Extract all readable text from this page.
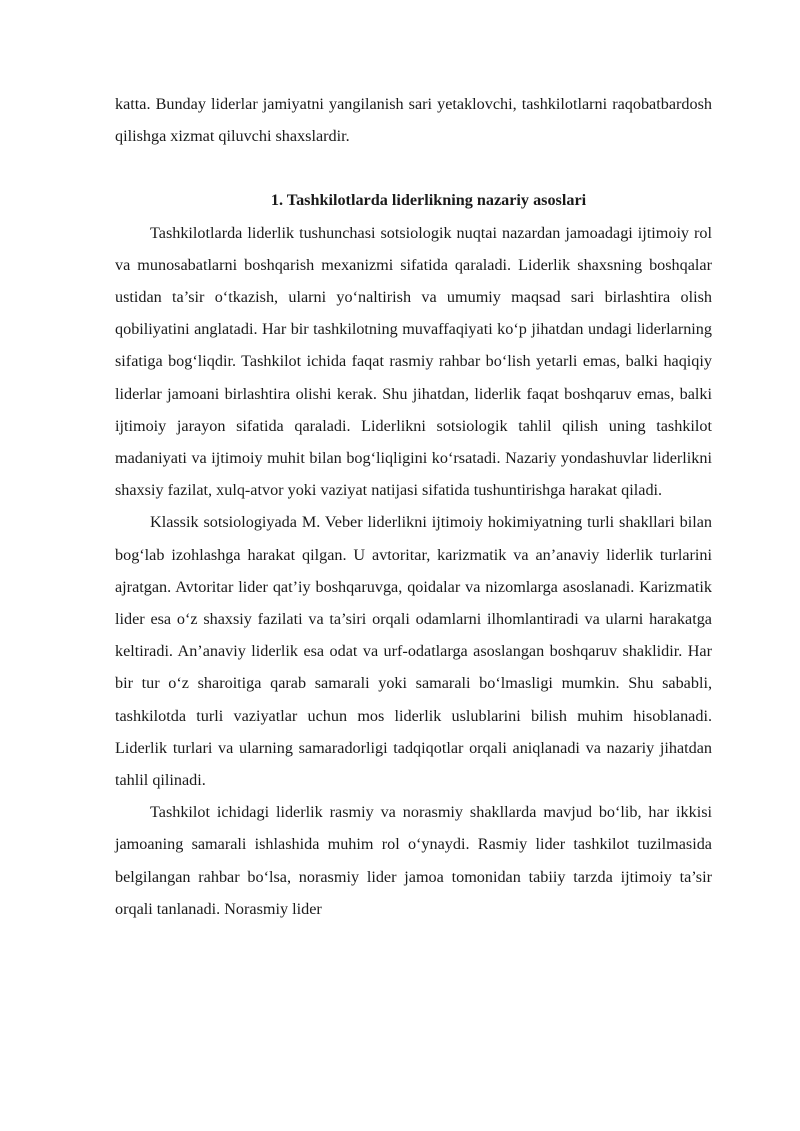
katta. Bunday liderlar jamiyatni yangilanish sari yetaklovchi, tashkilotlarni raqobatbardosh qilishga xizmat qiluvchi shaxslardir.

1. Tashkilotlarda liderlikning nazariy asoslari

Tashkilotlarda liderlik tushunchasi sotsiologik nuqtai nazardan jamoadagi ijtimoiy rol va munosabatlarni boshqarish mexanizmi sifatida qaraladi. Liderlik shaxsning boshqalar ustidan ta’sir o‘tkazish, ularni yo‘naltirish va umumiy maqsad sari birlashtira olish qobiliyatini anglatadi. Har bir tashkilotning muvaffaqiyati ko‘p jihatdan undagi liderlarning sifatiga bog‘liqdir. Tashkilot ichida faqat rasmiy rahbar bo‘lish yetarli emas, balki haqiqiy liderlar jamoani birlashtira olishi kerak. Shu jihatdan, liderlik faqat boshqaruv emas, balki ijtimoiy jarayon sifatida qaraladi. Liderlikni sotsiologik tahlil qilish uning tashkilot madaniyati va ijtimoiy muhit bilan bog‘liqligini ko‘rsatadi. Nazariy yondashuvlar liderlikni shaxsiy fazilat, xulq-atvor yoki vaziyat natijasi sifatida tushuntirishga harakat qiladi.

Klassik sotsiologiyada M. Veber liderlikni ijtimoiy hokimiyatning turli shakllari bilan bog‘lab izohlashga harakat qilgan. U avtoritar, karizmatik va an’anaviy liderlik turlarini ajratgan. Avtoritar lider qat’iy boshqaruvga, qoidalar va nizomlarga asoslanadi. Karizmatik lider esa o‘z shaxsiy fazilati va ta’siri orqali odamlarni ilhomlantiradi va ularni harakatga keltiradi. An’anaviy liderlik esa odat va urf-odatlarga asoslangan boshqaruv shaklidir. Har bir tur o‘z sharoitiga qarab samarali yoki samarali bo‘lmasligi mumkin. Shu sababli, tashkilotda turli vaziyatlar uchun mos liderlik uslublarini bilish muhim hisoblanadi. Liderlik turlari va ularning samaradorligi tadqiqotlar orqali aniqlanadi va nazariy jihatdan tahlil qilinadi.

Tashkilot ichidagi liderlik rasmiy va norasmiy shakllarda mavjud bo‘lib, har ikkisi jamoaning samarali ishlashida muhim rol o‘ynaydi. Rasmiy lider tashkilot tuzilmasida belgilangan rahbar bo‘lsa, norasmiy lider jamoa tomonidan tabiiy tarzda ijtimoiy ta’sir orqali tanlanadi. Norasmiy lider
